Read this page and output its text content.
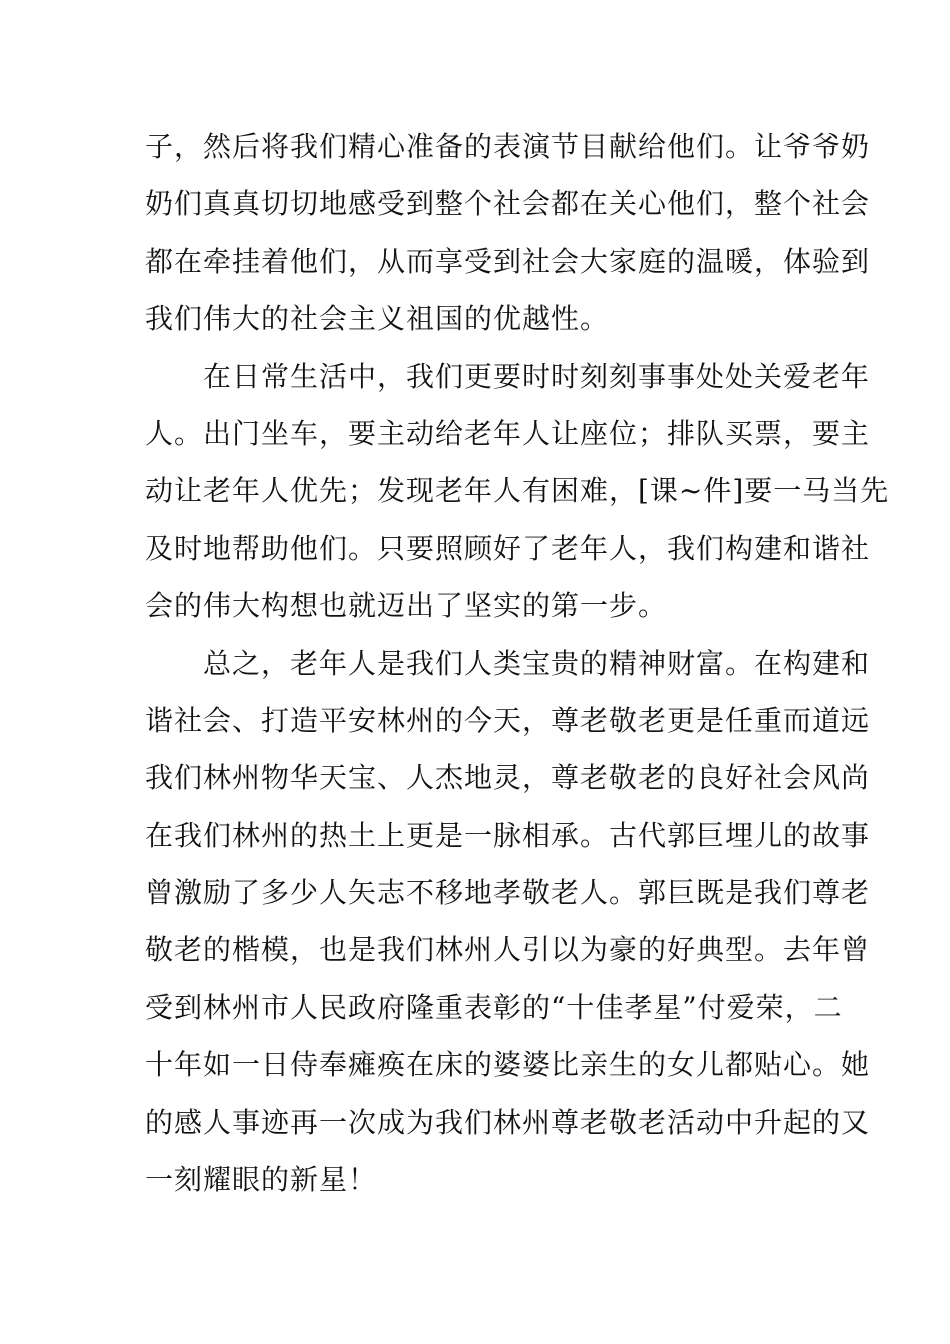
子，然后将我们精心准备的表演节目献给他们。让爷爷奶
奶们真真切切地感受到整个社会都在关心他们，整个社会
都在牵挂着他们，从而享受到社会大家庭的温暖，体验到
我们伟大的社会主义祖国的优越性。
　　在日常生活中，我们更要时时刻刻事事处处关爱老年
人。出门坐车，要主动给老年人让座位；排队买票，要主
动让老年人优先；发现老年人有困难，[课~件]要一马当先
及时地帮助他们。只要照顾好了老年人，我们构建和谐社
会的伟大构想也就迈出了坚实的第一步。
　　总之，老年人是我们人类宝贵的精神财富。在构建和
谐社会、打造平安林州的今天，尊老敬老更是任重而道远
我们林州物华天宝、人杰地灵，尊老敬老的良好社会风尚
在我们林州的热土上更是一脉相承。古代郭巨埋儿的故事
曾激励了多少人矢志不移地孝敬老人。郭巨既是我们尊老
敬老的楷模，也是我们林州人引以为豪的好典型。去年曾
受到林州市人民政府隆重表彰的“十佳孝星”付爱荣，二
十年如一日侍奉瘫痪在床的婆婆比亲生的女儿都贴心。她
的感人事迹再一次成为我们林州尊老敬老活动中升起的又
一刻耀眼的新星！
